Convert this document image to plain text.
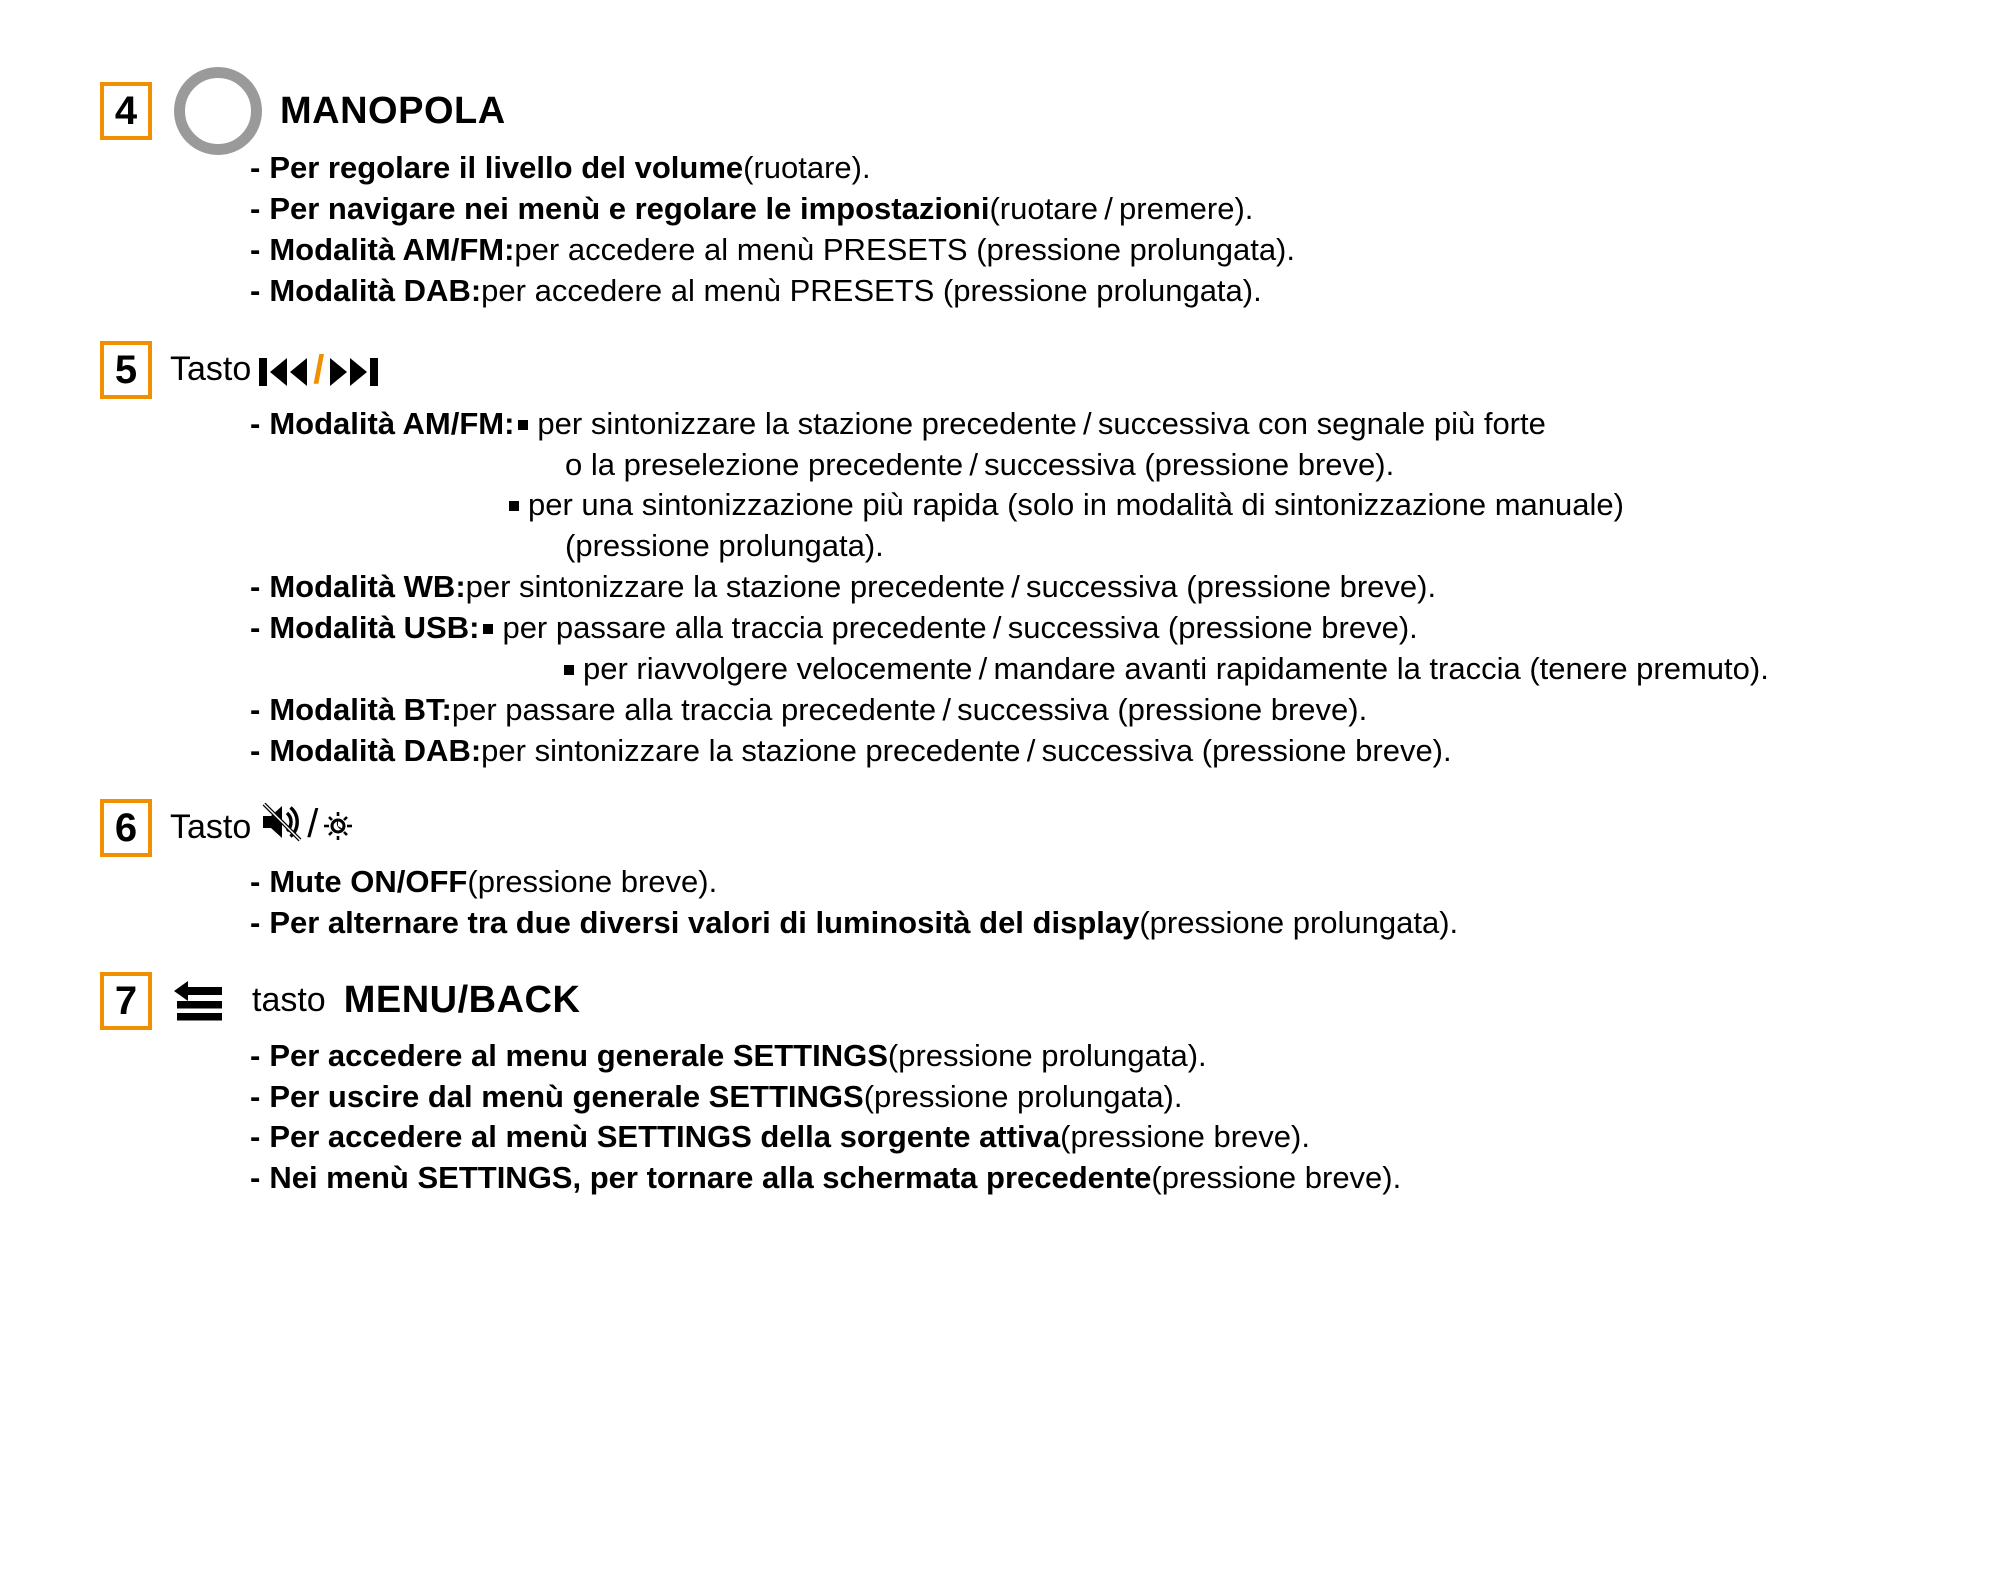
4	MANOPOLA
- Per regolare il livello del volume (ruotare).
- Per navigare nei menù e regolare le impostazioni (ruotare / premere).
- Modalità AM/FM: per accedere al menù PRESETS (pressione prolungata).
- Modalità DAB: per accedere al menù PRESETS (pressione prolungata).
5 Tasto /
- Modalità AM/FM: per sintonizzare la stazione precedente / successiva con segnale più forte
o la preselezione precedente / successiva (pressione breve).
per una sintonizzazione più rapida (solo in modalità di sintonizzazione manuale)
(pressione prolungata).
- Modalità WB: per sintonizzare la stazione precedente / successiva (pressione breve).
- Modalità USB: per passare alla traccia precedente / successiva (pressione breve).
per riavvolgere velocemente / mandare avanti rapidamente la traccia (tenere premuto).
- Modalità BT: per passare alla traccia precedente / successiva (pressione breve).
- Modalità DAB: per sintonizzare la stazione precedente / successiva (pressione breve).
6 Tasto /
- Mute ON/OFF (pressione breve).
- Per alternare tra due diversi valori di luminosità del display (pressione prolungata).
7	tasto MENU/BACK
- Per accedere al menu generale SETTINGS (pressione prolungata).
- Per uscire dal menù generale SETTINGS (pressione prolungata).
- Per accedere al menù SETTINGS della sorgente attiva (pressione breve).
- Nei menù SETTINGS, per tornare alla schermata precedente (pressione breve).
